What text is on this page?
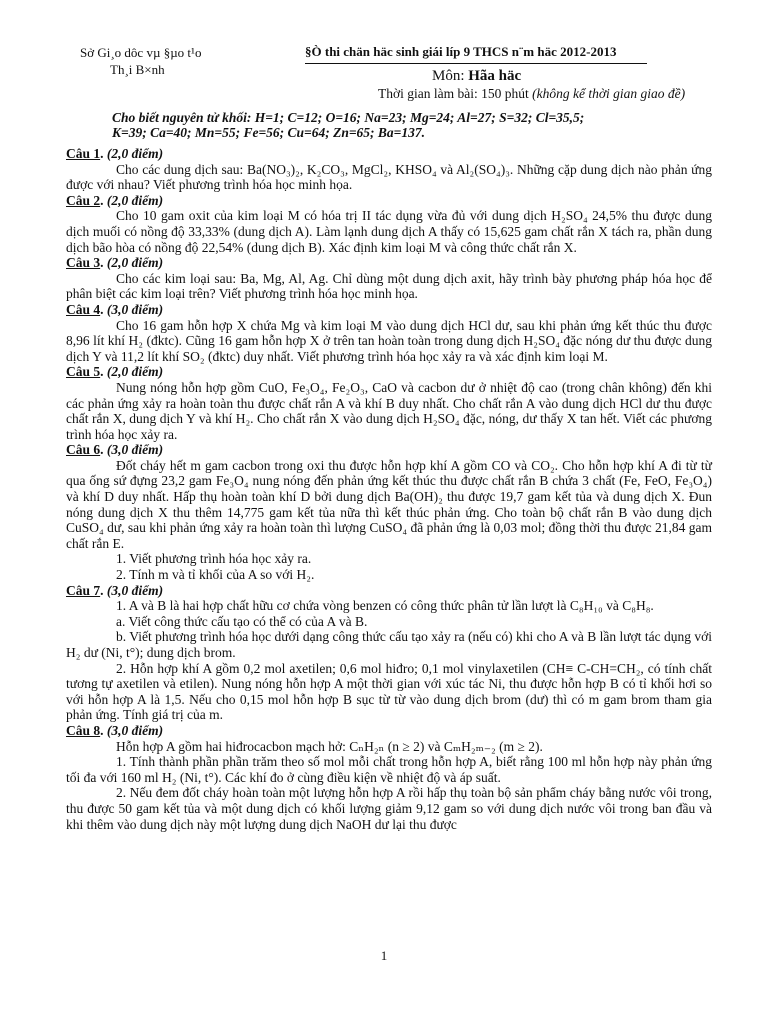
Sở Gi¸o dôc vµ §µo t¹o
Th¸i B×nh
§Ò thi chän häc sinh giái líp 9 THCS n¨m häc 2012-2013
Môn: Hãa häc
Thời gian làm bài: 150 phút (không kể thời gian giao đề)
Cho biết nguyên tử khối: H=1; C=12; O=16; Na=23; Mg=24; Al=27; S=32; Cl=35,5;
K=39; Ca=40; Mn=55; Fe=56; Cu=64; Zn=65; Ba=137.
Câu 1. (2,0 điểm)
Cho các dung dịch sau: Ba(NO₃)₂, K₂CO₃, MgCl₂, KHSO₄ và Al₂(SO₄)₃. Những cặp dung dịch nào phản ứng được với nhau? Viết phương trình hóa học minh họa.
Câu 2. (2,0 điểm)
Cho 10 gam oxit của kim loại M có hóa trị II tác dụng vừa đủ với dung dịch H₂SO₄ 24,5% thu được dung dịch muối có nồng độ 33,33% (dung dịch A). Làm lạnh dung dịch A thấy có 15,625 gam chất rắn X tách ra, phần dung dịch bão hòa có nồng độ 22,54% (dung dịch B). Xác định kim loại M và công thức chất rắn X.
Câu 3. (2,0 điểm)
Cho các kim loại sau: Ba, Mg, Al, Ag. Chỉ dùng một dung dịch axit, hãy trình bày phương pháp hóa học để phân biệt các kim loại trên? Viết phương trình hóa học minh họa.
Câu 4. (3,0 điểm)
Cho 16 gam hỗn hợp X chứa Mg và kim loại M vào dung dịch HCl dư, sau khi phản ứng kết thúc thu được 8,96 lít khí H₂ (đktc). Cũng 16 gam hỗn hợp X ở trên tan hoàn toàn trong dung dịch H₂SO₄ đặc nóng dư thu được dung dịch Y và 11,2 lít khí SO₂ (đktc) duy nhất. Viết phương trình hóa học xảy ra và xác định kim loại M.
Câu 5. (2,0 điểm)
Nung nóng hỗn hợp gồm CuO, Fe₃O₄, Fe₂O₃, CaO và cacbon dư ở nhiệt độ cao (trong chân không) đến khi các phản ứng xảy ra hoàn toàn thu được chất rắn A và khí B duy nhất. Cho chất rắn A vào dung dịch HCl dư thu được chất rắn X, dung dịch Y và khí H₂. Cho chất rắn X vào dung dịch H₂SO₄ đặc, nóng, dư thấy X tan hết. Viết các phương trình hóa học xảy ra.
Câu 6. (3,0 điểm)
Đốt cháy hết m gam cacbon trong oxi thu được hỗn hợp khí A gồm CO và CO₂. Cho hỗn hợp khí A đi từ từ qua ống sứ đựng 23,2 gam Fe₃O₄ nung nóng đến phản ứng kết thúc thu được chất rắn B chứa 3 chất (Fe, FeO, Fe₃O₄) và khí D duy nhất. Hấp thụ hoàn toàn khí D bởi dung dịch Ba(OH)₂ thu được 19,7 gam kết tủa và dung dịch X. Đun nóng dung dịch X thu thêm 14,775 gam kết tủa nữa thì kết thúc phản ứng. Cho toàn bộ chất rắn B vào dung dịch CuSO₄ dư, sau khi phản ứng xảy ra hoàn toàn thì lượng CuSO₄ đã phản ứng là 0,03 mol; đồng thời thu được 21,84 gam chất rắn E.
1. Viết phương trình hóa học xảy ra.
2. Tính m và tỉ khối của A so với H₂.
Câu 7. (3,0 điểm)
1. A và B là hai hợp chất hữu cơ chứa vòng benzen có công thức phân tử lần lượt là C₈H₁₀ và C₈H₈.
a. Viết công thức cấu tạo có thể có của A và B.
b. Viết phương trình hóa học dưới dạng công thức cấu tạo xảy ra (nếu có) khi cho A và B lần lượt tác dụng với H₂ dư (Ni, t°); dung dịch brom.
2. Hỗn hợp khí A gồm 0,2 mol axetilen; 0,6 mol hiđro; 0,1 mol vinylaxetilen (CH≡ C-CH=CH₂, có tính chất tương tự axetilen và etilen). Nung nóng hỗn hợp A một thời gian với xúc tác Ni, thu được hỗn hợp B có tỉ khối hơi so với hỗn hợp A là 1,5. Nếu cho 0,15 mol hỗn hợp B sục từ từ vào dung dịch brom (dư) thì có m gam brom tham gia phản ứng. Tính giá trị của m.
Câu 8. (3,0 điểm)
Hỗn hợp A gồm hai hiđrocacbon mạch hở: CₙH₂ₙ (n ≥ 2) và CₘH₂ₘ₋₂ (m ≥ 2).
1. Tính thành phần phần trăm theo số mol mỗi chất trong hỗn hợp A, biết rằng 100 ml hỗn hợp này phản ứng tối đa với 160 ml H₂ (Ni, t°). Các khí đo ở cùng điều kiện về nhiệt độ và áp suất.
2. Nếu đem đốt cháy hoàn toàn một lượng hỗn hợp A rồi hấp thụ toàn bộ sản phẩm cháy bằng nước vôi trong, thu được 50 gam kết tủa và một dung dịch có khối lượng giảm 9,12 gam so với dung dịch nước vôi trong ban đầu và khi thêm vào dung dịch này một lượng dung dịch NaOH dư lại thu được
1
